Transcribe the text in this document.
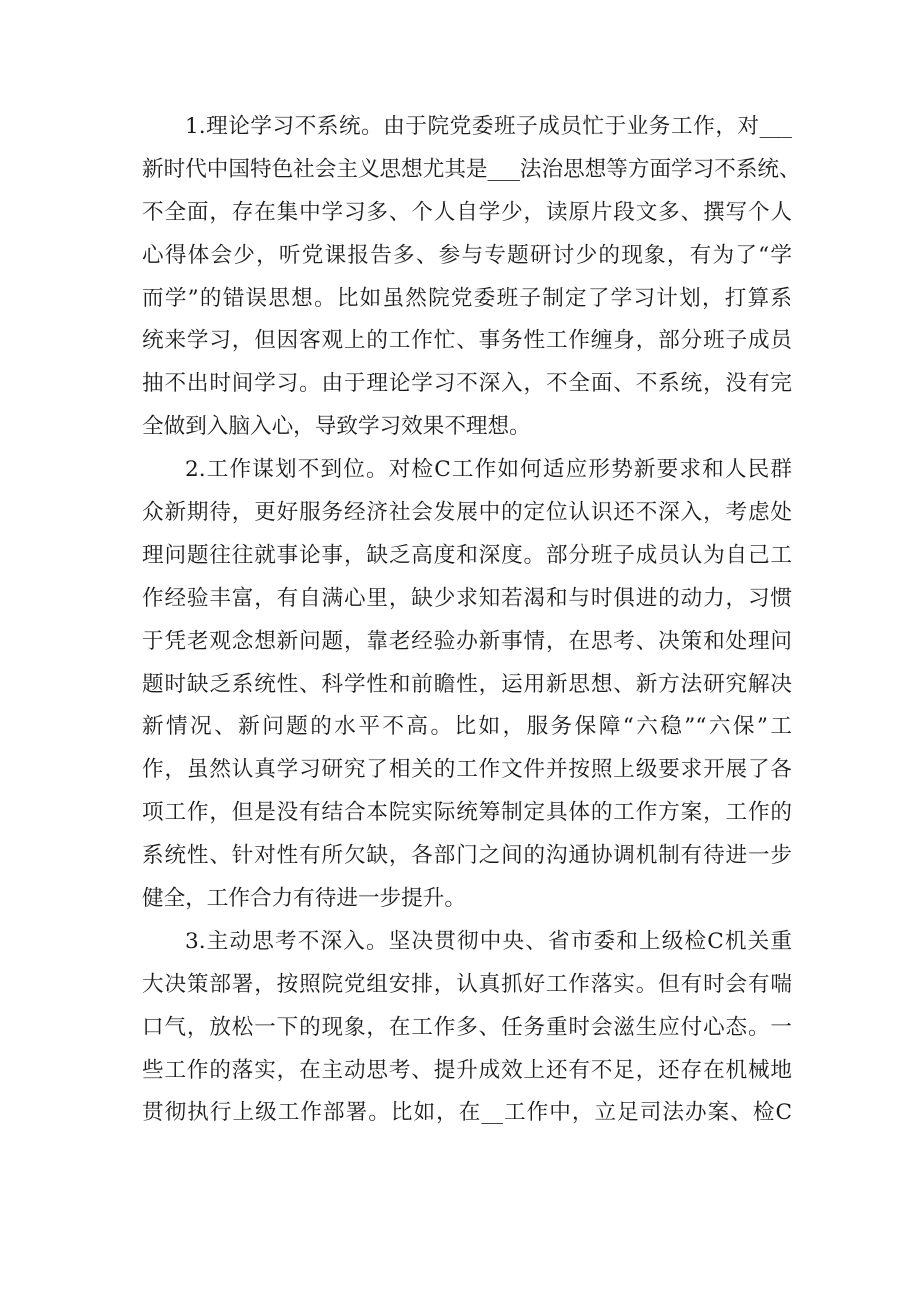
1.理论学习不系统。由于院党委班子成员忙于业务工作，对___
新时代中国特色社会主义思想尤其是___法治思想等方面学习不系统、
不全面，存在集中学习多、个人自学少，读原片段文多、撰写个人
心得体会少，听党课报告多、参与专题研讨少的现象，有为了“学
而学”的错误思想。比如虽然院党委班子制定了学习计划，打算系
统来学习，但因客观上的工作忙、事务性工作缠身，部分班子成员
抽不出时间学习。由于理论学习不深入，不全面、不系统，没有完
全做到入脑入心，导致学习效果不理想。
2.工作谋划不到位。对检C工作如何适应形势新要求和人民群
众新期待，更好服务经济社会发展中的定位认识还不深入，考虑处
理问题往往就事论事，缺乏高度和深度。部分班子成员认为自己工
作经验丰富，有自满心里，缺少求知若渴和与时俱进的动力，习惯
于凭老观念想新问题，靠老经验办新事情，在思考、决策和处理问
题时缺乏系统性、科学性和前瞻性，运用新思想、新方法研究解决
新情况、新问题的水平不高。比如，服务保障“六稳”“六保”工
作，虽然认真学习研究了相关的工作文件并按照上级要求开展了各
项工作，但是没有结合本院实际统筹制定具体的工作方案，工作的
系统性、针对性有所欠缺，各部门之间的沟通协调机制有待进一步
健全，工作合力有待进一步提升。
3.主动思考不深入。坚决贯彻中央、省市委和上级检C机关重
大决策部署，按照院党组安排，认真抓好工作落实。但有时会有喘
口气，放松一下的现象，在工作多、任务重时会滋生应付心态。一
些工作的落实，在主动思考、提升成效上还有不足，还存在机械地
贯彻执行上级工作部署。比如，在__工作中，立足司法办案、检C
